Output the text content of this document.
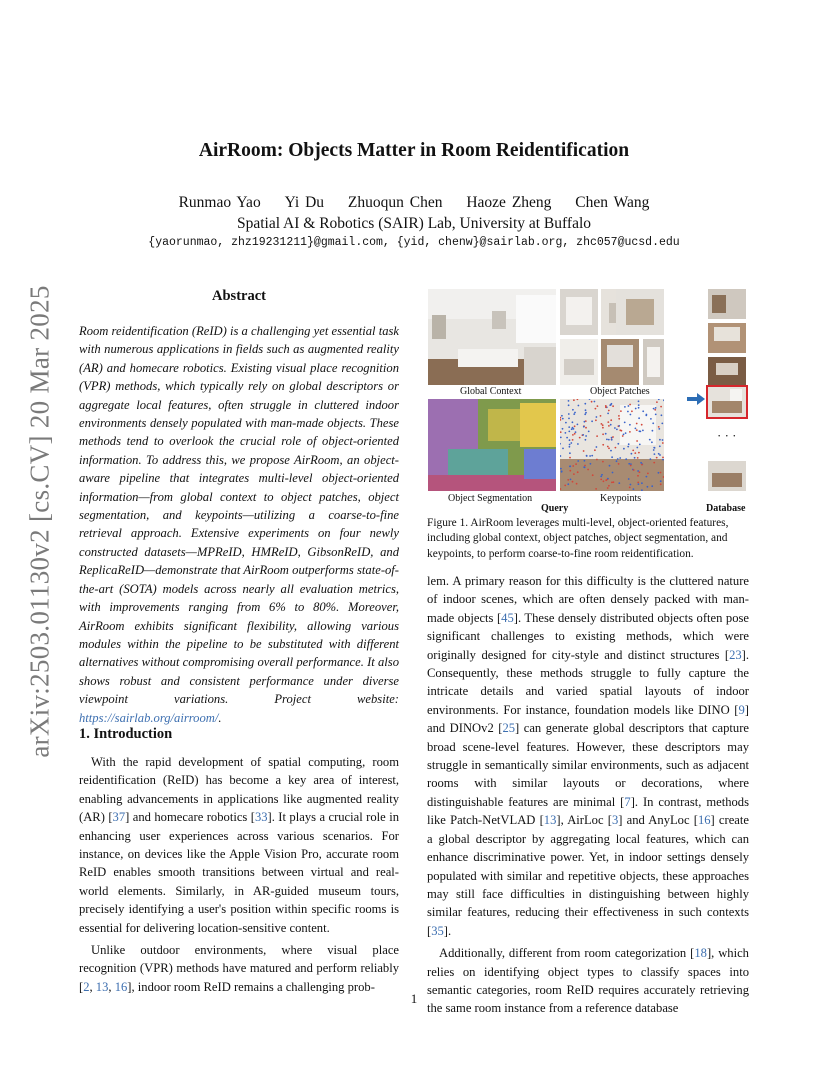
arXiv:2503.01130v2 [cs.CV] 20 Mar 2025
AirRoom: Objects Matter in Room Reidentification
Runmao Yao Yi Du Zhuoqun Chen Haoze Zheng Chen Wang
Spatial AI & Robotics (SAIR) Lab, University at Buffalo
{yaorunmao, zhz19231211}@gmail.com, {yid, chenw}@sairlab.org, zhc057@ucsd.edu
Abstract

Room reidentification (ReID) is a challenging yet essential task with numerous applications in fields such as augmented reality (AR) and homecare robotics. Existing visual place recognition (VPR) methods, which typically rely on global descriptors or aggregate local features, often struggle in cluttered indoor environments densely populated with man-made objects. These methods tend to overlook the crucial role of object-oriented information. To address this, we propose AirRoom, an object-aware pipeline that integrates multi-level object-oriented information—from global context to object patches, object segmentation, and keypoints—utilizing a coarse-to-fine retrieval approach. Extensive experiments on four newly constructed datasets—MPReID, HMReID, GibsonReID, and ReplicaReID—demonstrate that AirRoom outperforms state-of-the-art (SOTA) models across nearly all evaluation metrics, with improvements ranging from 6% to 80%. Moreover, AirRoom exhibits significant flexibility, allowing various modules within the pipeline to be substituted with different alternatives without compromising overall performance. It also shows robust and consistent performance under diverse viewpoint variations. Project website: https://sairlab.org/airroom/.

1. Introduction

With the rapid development of spatial computing, room reidentification (ReID) has become a key area of interest, enabling advancements in applications like augmented reality (AR) [37] and homecare robotics [33]. It plays a crucial role in enhancing user experiences across various scenarios. For instance, on devices like the Apple Vision Pro, accurate room ReID enables smooth transitions between virtual and real-world elements. Similarly, in AR-guided museum tours, precisely identifying a user's position within specific rooms is essential for delivering location-sensitive content.

Unlike outdoor environments, where visual place recognition (VPR) methods have matured and perform reliably [2, 13, 16], indoor room ReID remains a challenging prob-

Global Context	Object Patches
Object Segmentation	Keypoints
Query
· · ·
Database
Figure 1. AirRoom leverages multi-level, object-oriented features, including global context, object patches, object segmentation, and keypoints, to perform coarse-to-fine room reidentification.

lem. A primary reason for this difficulty is the cluttered nature of indoor scenes, which are often densely packed with man-made objects [45]. These densely distributed objects often pose significant challenges to existing methods, which were originally designed for city-style and distinct structures [23]. Consequently, these methods struggle to fully capture the intricate details and varied spatial layouts of indoor environments. For instance, foundation models like DINO [9] and DINOv2 [25] can generate global descriptors that capture broad scene-level features. However, these descriptors may struggle in semantically similar environments, such as adjacent rooms with similar layouts or decorations, where distinguishable features are minimal [7]. In contrast, methods like Patch-NetVLAD [13], AirLoc [3] and AnyLoc [16] create a global descriptor by aggregating local features, which can enhance discriminative power. Yet, in indoor settings densely populated with similar and repetitive objects, these approaches may still face difficulties in distinguishing between highly similar features, reducing their effectiveness in such contexts [35].

Additionally, different from room categorization [18], which relies on identifying object types to classify spaces into semantic categories, room ReID requires accurately retrieving the same room instance from a reference database

1
